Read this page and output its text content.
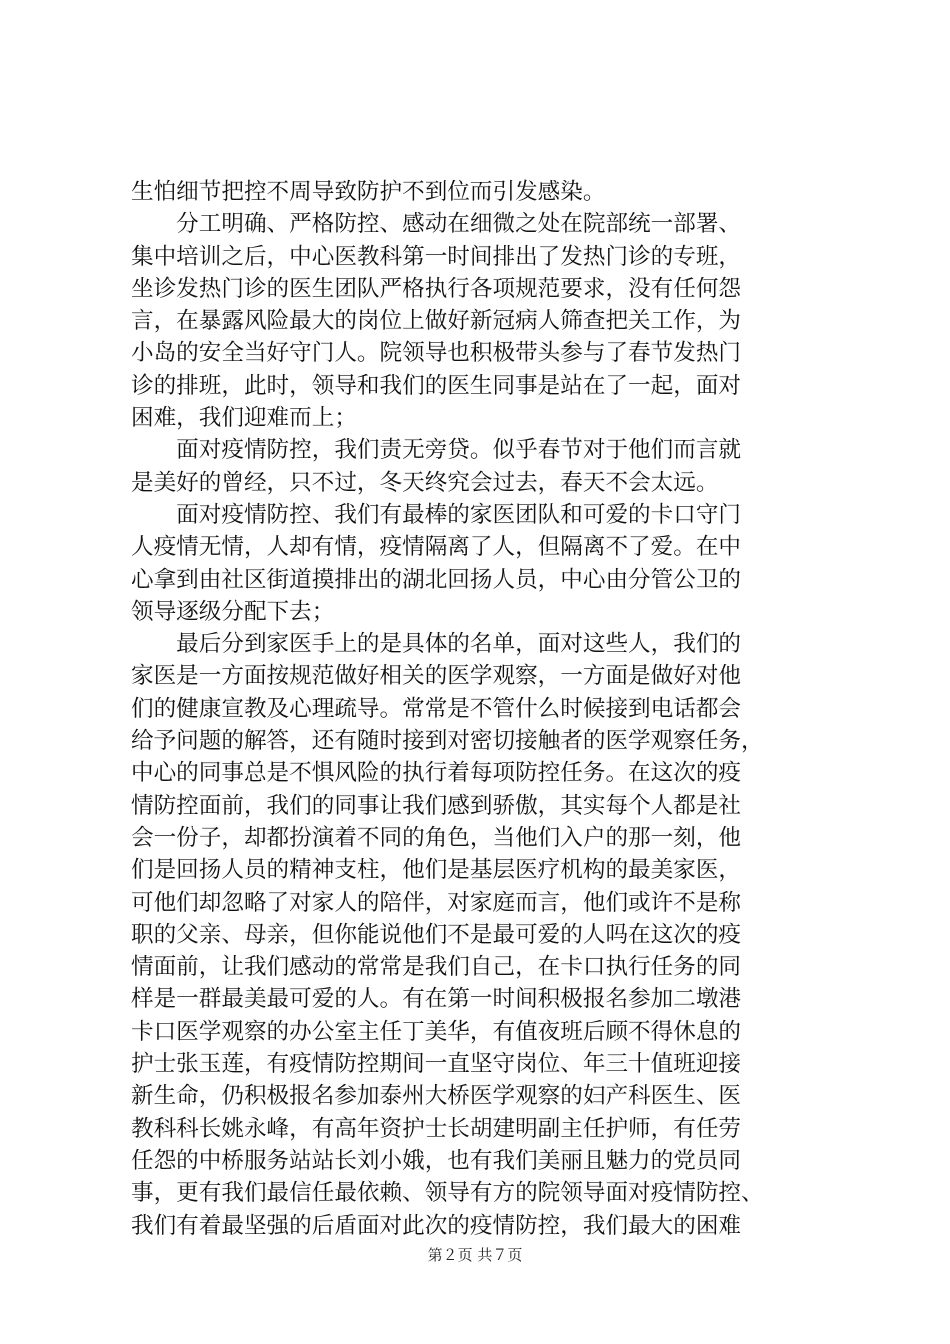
生怕细节把控不周导致防护不到位而引发感染。
　　分工明确、严格防控、感动在细微之处在院部统一部署、
集中培训之后，中心医教科第一时间排出了发热门诊的专班，
坐诊发热门诊的医生团队严格执行各项规范要求，没有任何怨
言，在暴露风险最大的岗位上做好新冠病人筛查把关工作，为
小岛的安全当好守门人。院领导也积极带头参与了春节发热门
诊的排班，此时，领导和我们的医生同事是站在了一起，面对
困难，我们迎难而上；
　　面对疫情防控，我们责无旁贷。似乎春节对于他们而言就
是美好的曾经，只不过，冬天终究会过去，春天不会太远。
　　面对疫情防控、我们有最棒的家医团队和可爱的卡口守门
人疫情无情，人却有情，疫情隔离了人，但隔离不了爱。在中
心拿到由社区街道摸排出的湖北回扬人员，中心由分管公卫的
领导逐级分配下去；
　　最后分到家医手上的是具体的名单，面对这些人，我们的
家医是一方面按规范做好相关的医学观察，一方面是做好对他
们的健康宣教及心理疏导。常常是不管什么时候接到电话都会
给予问题的解答，还有随时接到对密切接触者的医学观察任务，
中心的同事总是不惧风险的执行着每项防控任务。在这次的疫
情防控面前，我们的同事让我们感到骄傲，其实每个人都是社
会一份子，却都扮演着不同的角色，当他们入户的那一刻，他
们是回扬人员的精神支柱，他们是基层医疗机构的最美家医，
可他们却忽略了对家人的陪伴，对家庭而言，他们或许不是称
职的父亲、母亲，但你能说他们不是最可爱的人吗在这次的疫
情面前，让我们感动的常常是我们自己，在卡口执行任务的同
样是一群最美最可爱的人。有在第一时间积极报名参加二墩港
卡口医学观察的办公室主任丁美华，有值夜班后顾不得休息的
护士张玉莲，有疫情防控期间一直坚守岗位、年三十值班迎接
新生命，仍积极报名参加泰州大桥医学观察的妇产科医生、医
教科科长姚永峰，有高年资护士长胡建明副主任护师，有任劳
任怨的中桥服务站站长刘小娥，也有我们美丽且魅力的党员同
事，更有我们最信任最依赖、领导有方的院领导面对疫情防控、
我们有着最坚强的后盾面对此次的疫情防控，我们最大的困难
第２页 共７页
